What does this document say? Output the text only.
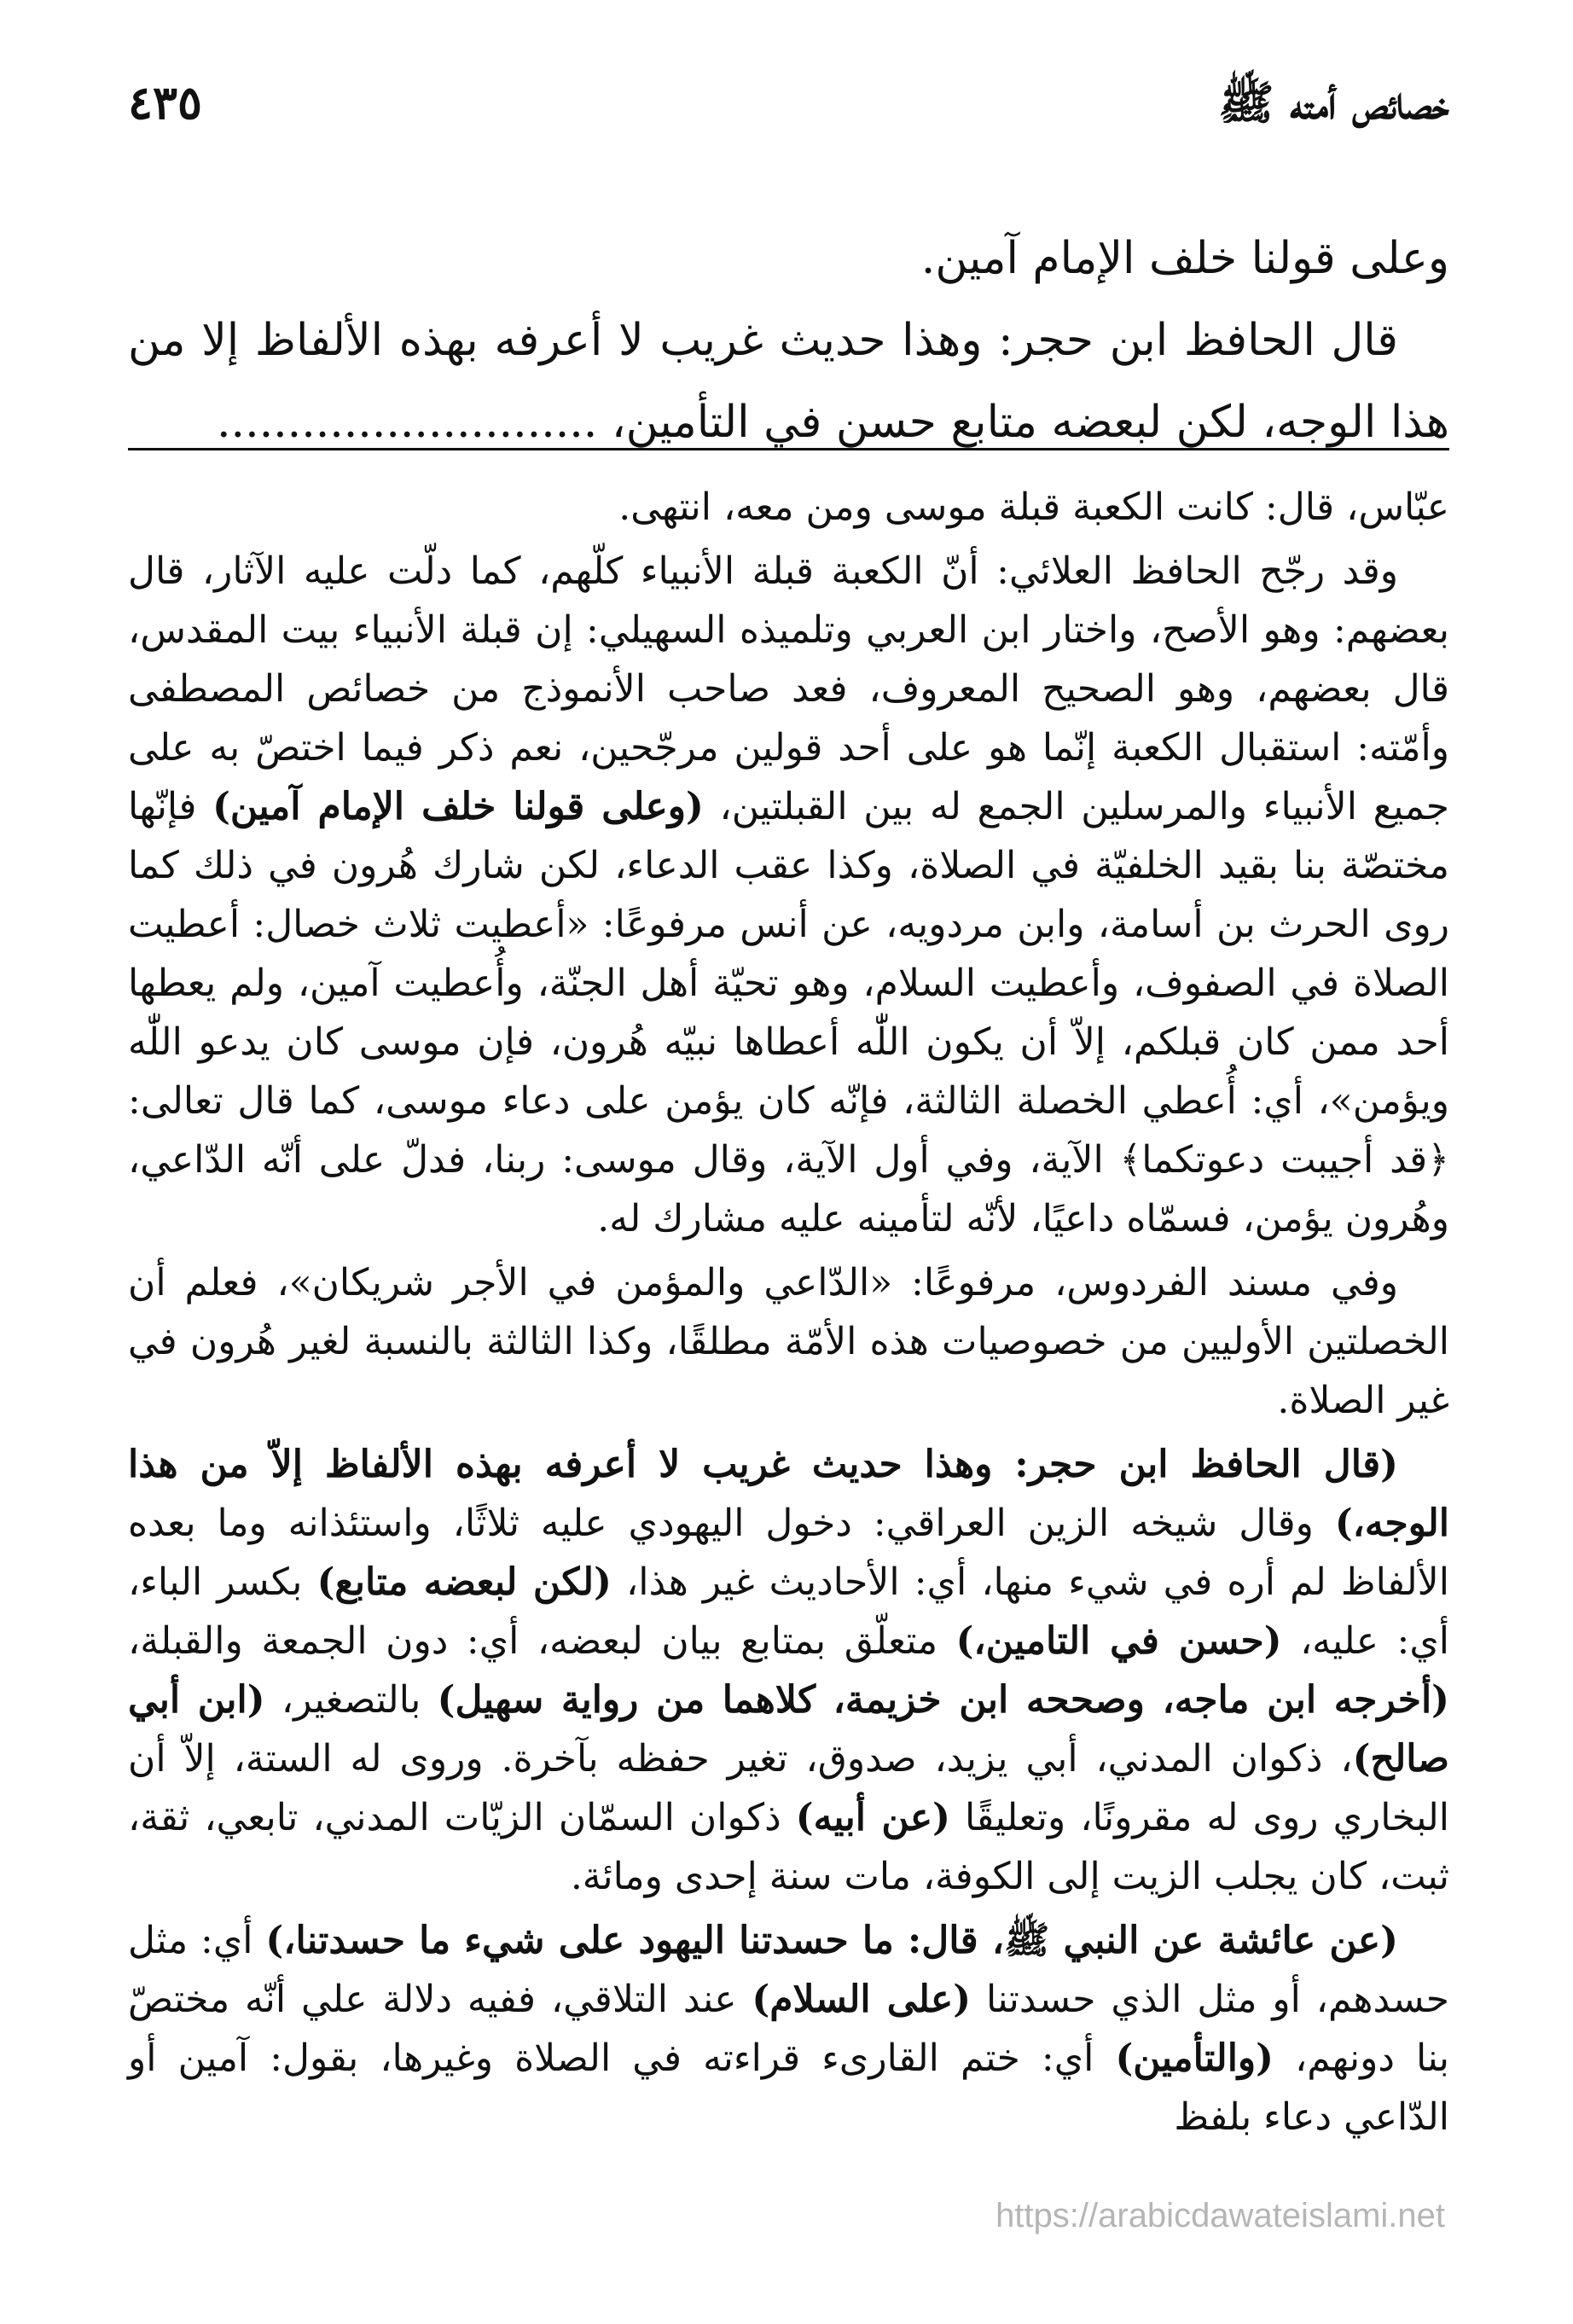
خصائص أمته ﷺ
٤٣٥

وعلى قولنا خلف الإمام آمين.

قال الحافظ ابن حجر: وهذا حديث غريب لا أعرفه بهذه الألفاظ إلا من هذا الوجه، لكن لبعضه متابع حسن في التأمين، ...........................

عبّاس، قال: كانت الكعبة قبلة موسى ومن معه، انتهى.

وقد رجّح الحافظ العلائي: أنّ الكعبة قبلة الأنبياء كلّهم، كما دلّت عليه الآثار، قال بعضهم: وهو الأصح، واختار ابن العربي وتلميذه السهيلي: إن قبلة الأنبياء بيت المقدس، قال بعضهم، وهو الصحيح المعروف، فعد صاحب الأنموذج من خصائص المصطفى وأمّته: استقبال الكعبة إنّما هو على أحد قولين مرجّحين، نعم ذكر فيما اختصّ به على جميع الأنبياء والمرسلين الجمع له بين القبلتين، (وعلى قولنا خلف الإمام آمين) فإنّها مختصّة بنا بقيد الخلفيّة في الصلاة، وكذا عقب الدعاء، لكن شارك هُرون في ذلك كما روى الحرث بن أسامة، وابن مردويه، عن أنس مرفوعًا: «أعطيت ثلاث خصال: أعطيت الصلاة في الصفوف، وأعطيت السلام، وهو تحيّة أهل الجنّة، وأُعطيت آمين، ولم يعطها أحد ممن كان قبلكم، إلاّ أن يكون اللّٰه أعطاها نبيّه هُرون، فإن موسى كان يدعو اللّٰه ويؤمن»، أي: أُعطي الخصلة الثالثة، فإنّه كان يؤمن على دعاء موسى، كما قال تعالى: ﴿قد أجيبت دعوتكما﴾ الآية، وفي أول الآية، وقال موسى: ربنا، فدلّ على أنّه الدّاعي، وهُرون يؤمن، فسمّاه داعيًا، لأنّه لتأمينه عليه مشارك له.

وفي مسند الفردوس، مرفوعًا: «الدّاعي والمؤمن في الأجر شريكان»، فعلم أن الخصلتين الأوليين من خصوصيات هذه الأمّة مطلقًا، وكذا الثالثة بالنسبة لغير هُرون في غير الصلاة.

(قال الحافظ ابن حجر: وهذا حديث غريب لا أعرفه بهذه الألفاظ إلاّ من هذا الوجه،) وقال شيخه الزين العراقي: دخول اليهودي عليه ثلاثًا، واستئذانه وما بعده الألفاظ لم أره في شيء منها، أي: الأحاديث غير هذا، (لكن لبعضه متابع) بكسر الباء، أي: عليه، (حسن في التامين،) متعلّق بمتابع بيان لبعضه، أي: دون الجمعة والقبلة، (أخرجه ابن ماجه، وصححه ابن خزيمة، كلاهما من رواية سهيل) بالتصغير، (ابن أبي صالح)، ذكوان المدني، أبي يزيد، صدوق، تغير حفظه بآخرة. وروى له الستة، إلاّ أن البخاري روى له مقرونًا، وتعليقًا (عن أبيه) ذكوان السمّان الزيّات المدني، تابعي، ثقة، ثبت، كان يجلب الزيت إلى الكوفة، مات سنة إحدى ومائة.

(عن عائشة عن النبي ﷺ، قال: ما حسدتنا اليهود على شيء ما حسدتنا،) أي: مثل حسدهم، أو مثل الذي حسدتنا (على السلام) عند التلاقي، ففيه دلالة علي أنّه مختصّ بنا دونهم، (والتأمين) أي: ختم القارىء قراءته في الصلاة وغيرها، بقول: آمين أو الدّاعي دعاء بلفظ

https://arabicdawateislami.net
